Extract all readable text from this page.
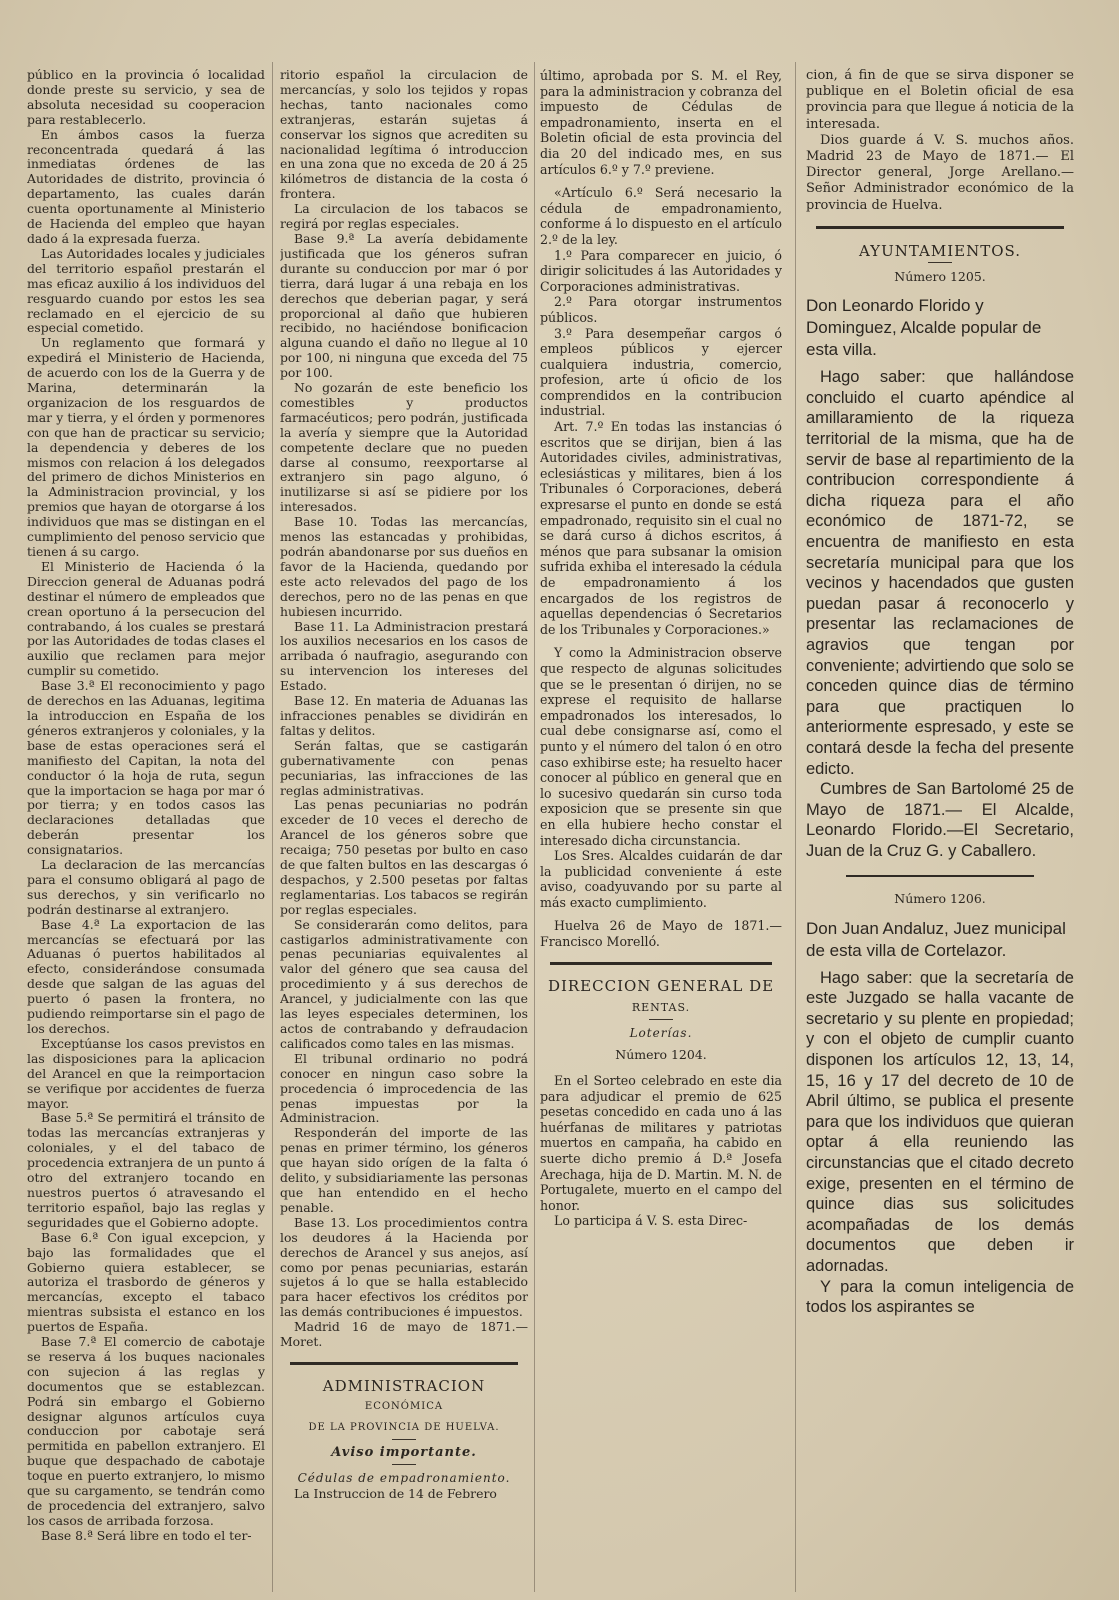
público en la provincia ó localidad donde preste su servicio, y sea de absoluta necesidad su cooperacion para restablecerlo.

En ámbos casos la fuerza reconcentrada quedará á las inmediatas órdenes de las Autoridades de distrito, provincia ó departamento, las cuales darán cuenta oportunamente al Ministerio de Hacienda del empleo que hayan dado á la expresada fuerza.

Las Autoridades locales y judiciales del territorio español prestarán el mas eficaz auxilio á los individuos del resguardo cuando por estos les sea reclamado en el ejercicio de su especial cometido.

Un reglamento que formará y expedirá el Ministerio de Hacienda, de acuerdo con los de la Guerra y de Marina, determinarán la organizacion de los resguardos de mar y tierra, y el órden y pormenores con que han de practicar su servicio; la dependencia y deberes de los mismos con relacion á los delegados del primero de dichos Ministerios en la Administracion provincial, y los premios que hayan de otorgarse á los individuos que mas se distingan en el cumplimiento del penoso servicio que tienen á su cargo.

El Ministerio de Hacienda ó la Direccion general de Aduanas podrá destinar el número de empleados que crean oportuno á la persecucion del contrabando, á los cuales se prestará por las Autoridades de todas clases el auxilio que reclamen para mejor cumplir su cometido.

Base 3.ª El reconocimiento y pago de derechos en las Aduanas, legitima la introduccion en España de los géneros extranjeros y coloniales, y la base de estas operaciones será el manifiesto del Capitan, la nota del conductor ó la hoja de ruta, segun que la importacion se haga por mar ó por tierra; y en todos casos las declaraciones detalladas que deberán presentar los consignatarios.

La declaracion de las mercancías para el consumo obligará al pago de sus derechos, y sin verificarlo no podrán destinarse al extranjero.

Base 4.ª La exportacion de las mercancías se efectuará por las Aduanas ó puertos habilitados al efecto, considerándose consumada desde que salgan de las aguas del puerto ó pasen la frontera, no pudiendo reimportarse sin el pago de los derechos.

Exceptúanse los casos previstos en las disposiciones para la aplicacion del Arancel en que la reimportacion se verifique por accidentes de fuerza mayor.

Base 5.ª Se permitirá el tránsito de todas las mercancías extranjeras y coloniales, y el del tabaco de procedencia extranjera de un punto á otro del extranjero tocando en nuestros puertos ó atravesando el territorio español, bajo las reglas y seguridades que el Gobierno adopte.

Base 6.ª Con igual excepcion, y bajo las formalidades que el Gobierno quiera establecer, se autoriza el trasbordo de géneros y mercancías, excepto el tabaco mientras subsista el estanco en los puertos de España.

Base 7.ª El comercio de cabotaje se reserva á los buques nacionales con sujecion á las reglas y documentos que se establezcan. Podrá sin embargo el Gobierno designar algunos artículos cuya conduccion por cabotaje será permitida en pabellon extranjero. El buque que despachado de cabotaje toque en puerto extranjero, lo mismo que su cargamento, se tendrán como de procedencia del extranjero, salvo los casos de arribada forzosa.

Base 8.ª Será libre en todo el ter-

ritorio español la circulacion de mercancías, y solo los tejidos y ropas hechas, tanto nacionales como extranjeras, estarán sujetas á conservar los signos que acrediten su nacionalidad legítima ó introduccion en una zona que no exceda de 20 á 25 kilómetros de distancia de la costa ó frontera.

La circulacion de los tabacos se regirá por reglas especiales.

Base 9.ª La avería debidamente justificada que los géneros sufran durante su conduccion por mar ó por tierra, dará lugar á una rebaja en los derechos que deberian pagar, y será proporcional al daño que hubieren recibido, no haciéndose bonificacion alguna cuando el daño no llegue al 10 por 100, ni ninguna que exceda del 75 por 100.

No gozarán de este beneficio los comestibles y productos farmacéuticos; pero podrán, justificada la avería y siempre que la Autoridad competente declare que no pueden darse al consumo, reexportarse al extranjero sin pago alguno, ó inutilizarse si así se pidiere por los interesados.

Base 10. Todas las mercancías, menos las estancadas y prohibidas, podrán abandonarse por sus dueños en favor de la Hacienda, quedando por este acto relevados del pago de los derechos, pero no de las penas en que hubiesen incurrido.

Base 11. La Administracion prestará los auxilios necesarios en los casos de arribada ó naufragio, asegurando con su intervencion los intereses del Estado.

Base 12. En materia de Aduanas las infracciones penables se dividirán en faltas y delitos.

Serán faltas, que se castigarán gubernativamente con penas pecuniarias, las infracciones de las reglas administrativas.

Las penas pecuniarias no podrán exceder de 10 veces el derecho de Arancel de los géneros sobre que recaiga; 750 pesetas por bulto en caso de que falten bultos en las descargas ó despachos, y 2.500 pesetas por faltas reglamentarias. Los tabacos se regirán por reglas especiales.

Se considerarán como delitos, para castigarlos administrativamente con penas pecuniarias equivalentes al valor del género que sea causa del procedimiento y á sus derechos de Arancel, y judicialmente con las que las leyes especiales determinen, los actos de contrabando y defraudacion calificados como tales en las mismas.

El tribunal ordinario no podrá conocer en ningun caso sobre la procedencia ó improcedencia de las penas impuestas por la Administracion.

Responderán del importe de las penas en primer término, los géneros que hayan sido orígen de la falta ó delito, y subsidiariamente las personas que han entendido en el hecho penable.

Base 13. Los procedimientos contra los deudores á la Hacienda por derechos de Arancel y sus anejos, así como por penas pecuniarias, estarán sujetos á lo que se halla establecido para hacer efectivos los créditos por las demás contribuciones é impuestos.

Madrid 16 de mayo de 1871.—Moret.

ADMINISTRACION
ECONÓMICA
DE LA PROVINCIA DE HUELVA.
Aviso importante.
Cédulas de empadronamiento.

La Instruccion de 14 de Febrero

último, aprobada por S. M. el Rey, para la administracion y cobranza del impuesto de Cédulas de empadronamiento, inserta en el Boletin oficial de esta provincia del dia 20 del indicado mes, en sus artículos 6.º y 7.º previene.

«Artículo 6.º Será necesario la cédula de empadronamiento, conforme á lo dispuesto en el artículo 2.º de la ley.

1.º Para comparecer en juicio, ó dirigir solicitudes á las Autoridades y Corporaciones administrativas.

2.º Para otorgar instrumentos públicos.

3.º Para desempeñar cargos ó empleos públicos y ejercer cualquiera industria, comercio, profesion, arte ú oficio de los comprendidos en la contribucion industrial.

Art. 7.º En todas las instancias ó escritos que se dirijan, bien á las Autoridades civiles, administrativas, eclesiásticas y militares, bien á los Tribunales ó Corporaciones, deberá expresarse el punto en donde se está empadronado, requisito sin el cual no se dará curso á dichos escritos, á ménos que para subsanar la omision sufrida exhiba el interesado la cédula de empadronamiento á los encargados de los registros de aquellas dependencias ó Secretarios de los Tribunales y Corporaciones.»

Y como la Administracion observe que respecto de algunas solicitudes que se le presentan ó dirijen, no se exprese el requisito de hallarse empadronados los interesados, lo cual debe consignarse así, como el punto y el número del talon ó en otro caso exhibirse este; ha resuelto hacer conocer al público en general que en lo sucesivo quedarán sin curso toda exposicion que se presente sin que en ella hubiere hecho constar el interesado dicha circunstancia.

Los Sres. Alcaldes cuidarán de dar la publicidad conveniente á este aviso, coadyuvando por su parte al más exacto cumplimiento.

Huelva 26 de Mayo de 1871.— Francisco Morelló.

DIRECCION GENERAL DE
RENTAS.
Loterías.
Número 1204.

En el Sorteo celebrado en este dia para adjudicar el premio de 625 pesetas concedido en cada uno á las huérfanas de militares y patriotas muertos en campaña, ha cabido en suerte dicho premio á D.ª Josefa Arechaga, hija de D. Martin. M. N. de Portugalete, muerto en el campo del honor.

Lo participa á V. S. esta Direc-

cion, á fin de que se sirva disponer se publique en el Boletin oficial de esa provincia para que llegue á noticia de la interesada.

Dios guarde á V. S. muchos años. Madrid 23 de Mayo de 1871.— El Director general, Jorge Arellano.—Señor Administrador económico de la provincia de Huelva.

AYUNTAMIENTOS.
Número 1205.

Don Leonardo Florido y Dominguez, Alcalde popular de esta villa.

Hago saber: que hallándose concluido el cuarto apéndice al amillaramiento de la riqueza territorial de la misma, que ha de servir de base al repartimiento de la contribucion correspondiente á dicha riqueza para el año económico de 1871-72, se encuentra de manifiesto en esta secretaría municipal para que los vecinos y hacendados que gusten puedan pasar á reconocerlo y presentar las reclamaciones de agravios que tengan por conveniente; advirtiendo que solo se conceden quince dias de término para que practiquen lo anteriormente espresado, y este se contará desde la fecha del presente edicto.

Cumbres de San Bartolomé 25 de Mayo de 1871.— El Alcalde, Leonardo Florido.—El Secretario, Juan de la Cruz G. y Caballero.

Número 1206.

Don Juan Andaluz, Juez municipal de esta villa de Cortelazor.

Hago saber: que la secretaría de este Juzgado se halla vacante de secretario y su plente en propiedad; y con el objeto de cumplir cuanto disponen los artículos 12, 13, 14, 15, 16 y 17 del decreto de 10 de Abril último, se publica el presente para que los individuos que quieran optar á ella reuniendo las circunstancias que el citado decreto exige, presenten en el término de quince dias sus solicitudes acompañadas de los demás documentos que deben ir adornadas.

Y para la comun inteligencia de todos los aspirantes se
